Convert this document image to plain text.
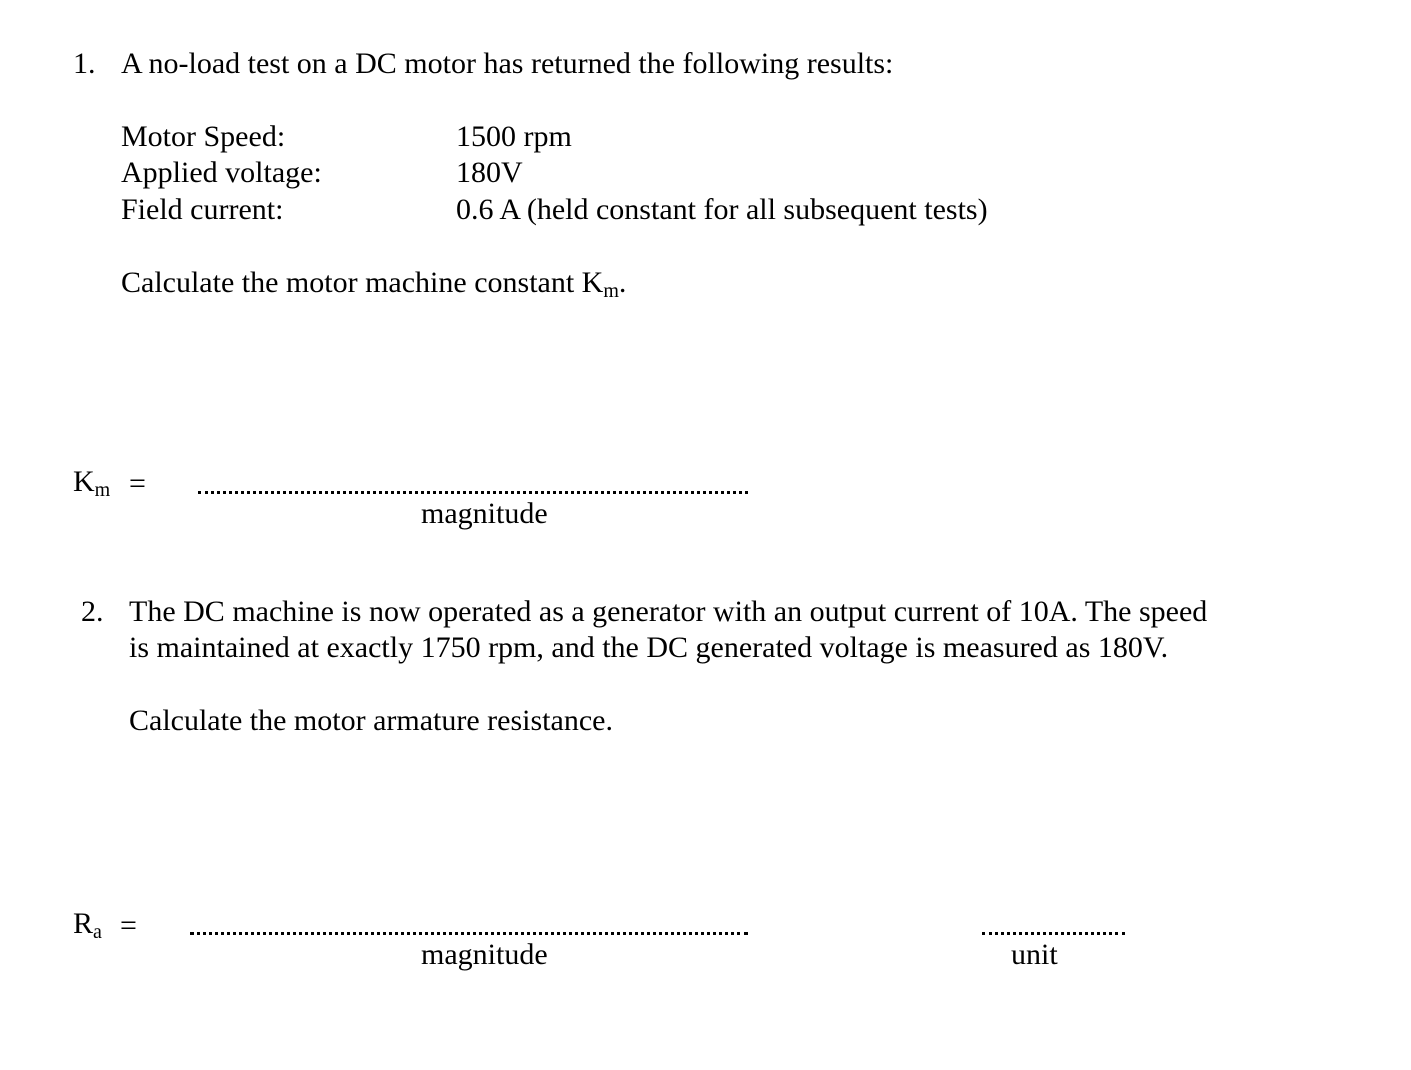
1. A no-load test on a DC motor has returned the following results:
Motor Speed:	1500 rpm
Applied voltage:	180V
Field current:	0.6 A (held constant for all subsequent tests)
Calculate the motor machine constant $K_m$.
$K_m$ =
magnitude
2. The DC machine is now operated as a generator with an output current of 10A. The speed
is maintained at exactly 1750 rpm, and the DC generated voltage is measured as 180V.
Calculate the motor armature resistance.
$R_a$ =
magnitude	unit
